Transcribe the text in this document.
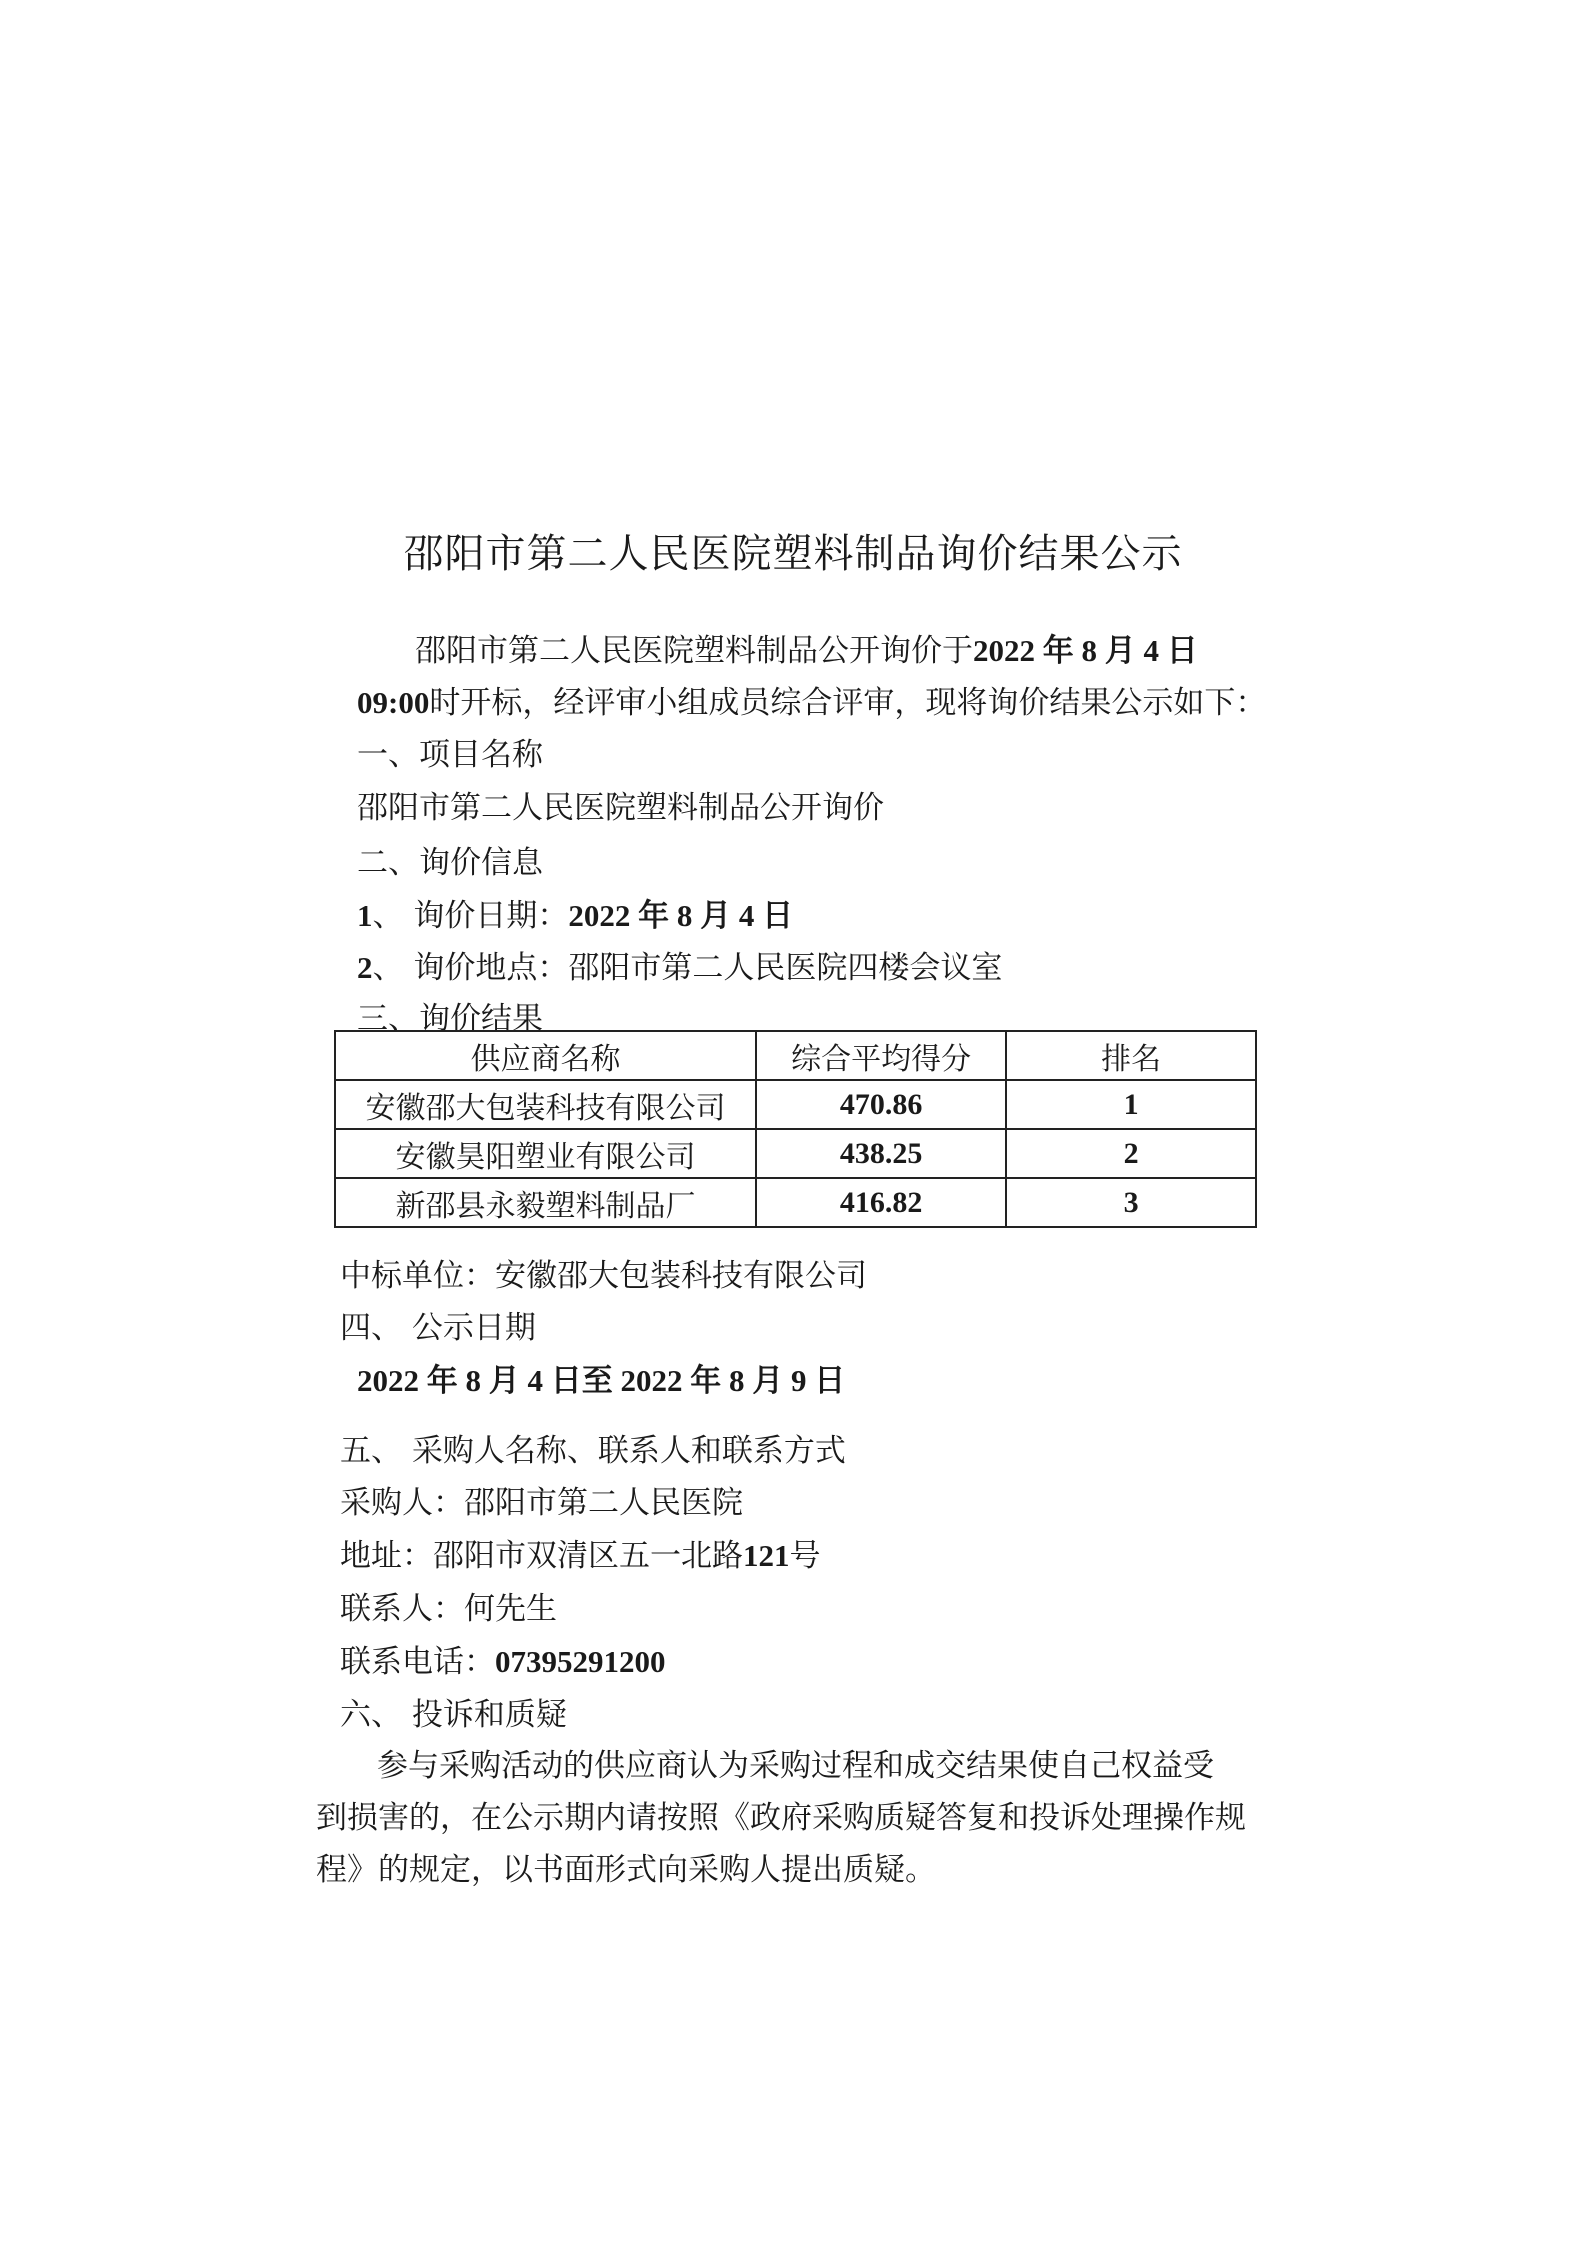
邵阳市第二人民医院塑料制品询价结果公示
邵阳市第二人民医院塑料制品公开询价于2022 年 8 月 4 日
09:00时开标，经评审小组成员综合评审，现将询价结果公示如下：
一、项目名称
邵阳市第二人民医院塑料制品公开询价
二、询价信息
1、 询价日期：2022 年 8 月 4 日
2、 询价地点：邵阳市第二人民医院四楼会议室
三、询价结果
供应商名称	综合平均得分	排名
安徽邵大包装科技有限公司	470.86	1
安徽昊阳塑业有限公司	438.25	2
新邵县永毅塑料制品厂	416.82	3
中标单位：安徽邵大包装科技有限公司
四、 公示日期
2022 年 8 月 4 日至 2022 年 8 月 9 日
五、 采购人名称、联系人和联系方式
采购人：邵阳市第二人民医院
地址：邵阳市双清区五一北路121号
联系人：何先生
联系电话：07395291200
六、 投诉和质疑
参与采购活动的供应商认为采购过程和成交结果使自己权益受
到损害的，在公示期内请按照《政府采购质疑答复和投诉处理操作规
程》的规定，以书面形式向采购人提出质疑。
